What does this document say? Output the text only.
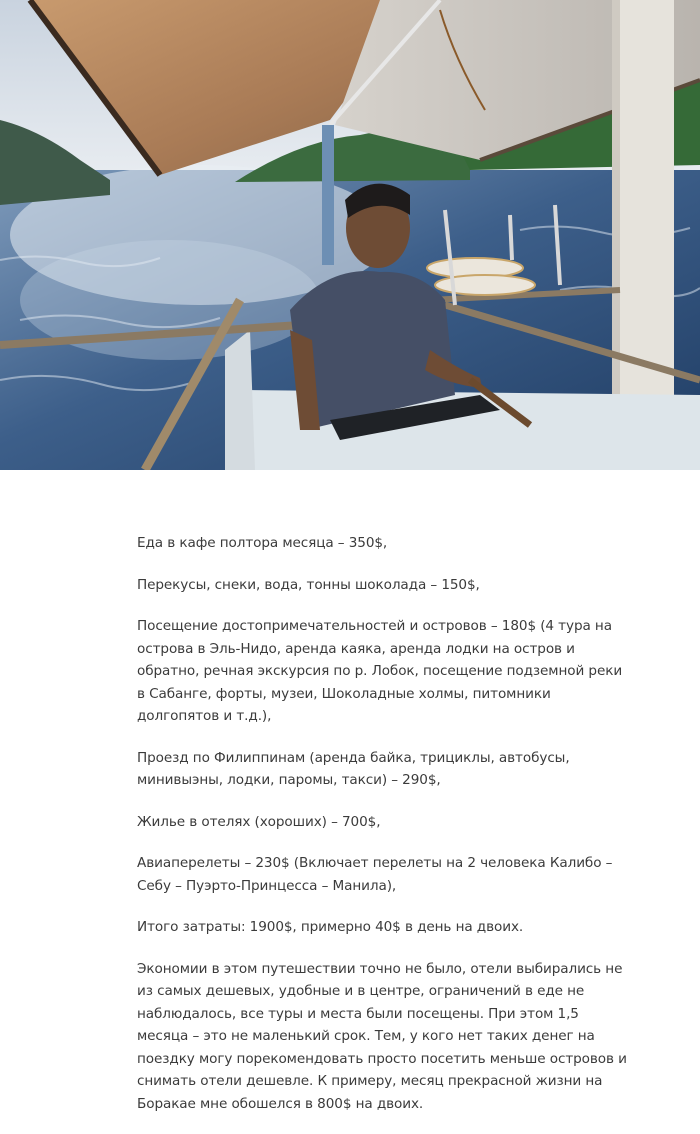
Еда в кафе полтора месяца – 350$,

Перекусы, снеки, вода, тонны шоколада – 150$,

Посещение достопримечательностей и островов – 180$ (4 тура на острова в Эль-Нидо, аренда каяка, аренда лодки на остров и обратно, речная экскурсия по р. Лобок, посещение подземной реки в Сабанге, форты, музеи, Шоколадные холмы, питомники долгопятов и т.д.),

Проезд по Филиппинам (аренда байка, трициклы, автобусы, минивыэны, лодки, паромы, такси) – 290$,

Жилье в отелях (хороших) – 700$,

Авиаперелеты – 230$ (Включает перелеты на 2 человека Калибо – Себу – Пуэрто-Принцесса – Манила),

Итого затраты: 1900$, примерно 40$ в день на двоих.

Экономии в этом путешествии точно не было, отели выбирались не из самых дешевых, удобные и в центре, ограничений в еде не наблюдалось, все туры и места были посещены. При этом 1,5 месяца – это не маленький срок. Тем, у кого нет таких денег на поездку могу порекомендовать просто посетить меньше островов и снимать отели дешевле. К примеру, месяц прекрасной жизни на Боракае мне обошелся в 800$ на двоих.
